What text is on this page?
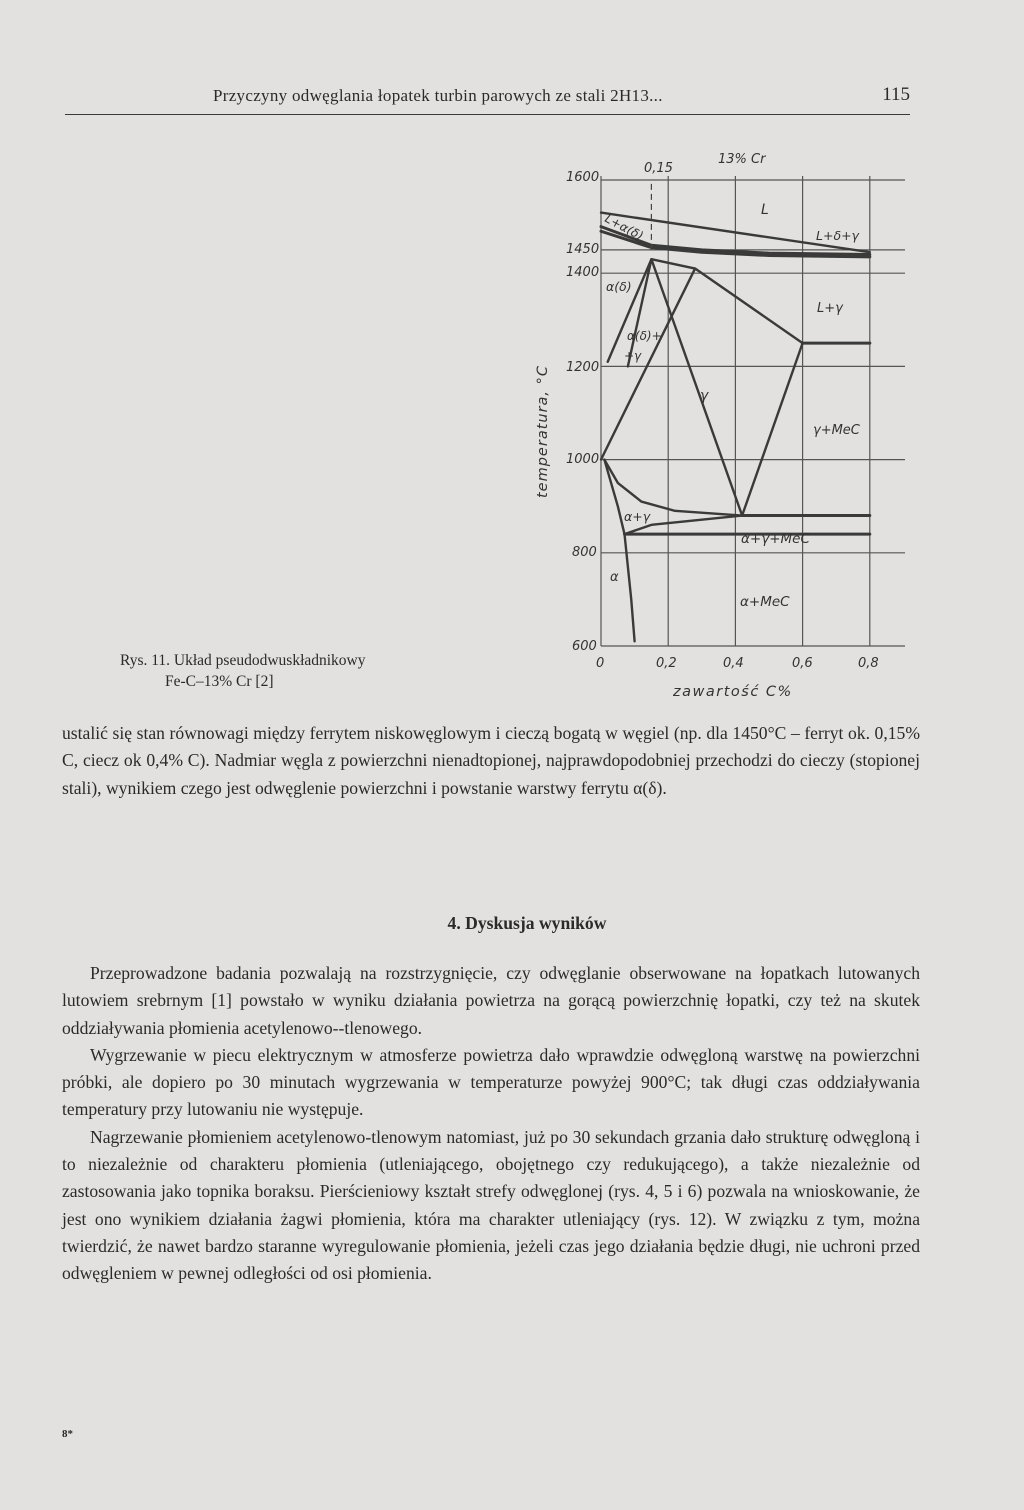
Przyczyny odwęglania łopatek turbin parowych ze stali 2H13...	115
13% Cr
0,15
1600
1450
1400
1200
1000
800
600
0	0,2	0,4	0,6	0,8
zawartość C%
temperatura, °C
L
L+α(δ)	L+δ+γ
α(δ)
L+γ
α(δ)+
+γ
γ
γ+MeC
α+γ
α+γ+MeC
α
α+MeC
Rys. 11. Układ pseudodwuskładnikowy
Fe-C–13% Cr [2]

ustalić się stan równowagi między ferrytem niskowęglowym i cieczą bogatą w węgiel (np. dla 1450°C – ferryt ok. 0,15% C, ciecz ok 0,4% C). Nadmiar węgla z powierzchni nienadtopionej, najprawdopodobniej przechodzi do cieczy (stopionej stali), wynikiem czego jest odwęglenie powierzchni i powstanie warstwy ferrytu α(δ).

4. Dyskusja wyników

Przeprowadzone badania pozwalają na rozstrzygnięcie, czy odwęglanie obserwowane na łopatkach lutowanych lutowiem srebrnym [1] powstało w wyniku działania powietrza na gorącą powierzchnię łopatki, czy też na skutek oddziaływania płomienia acetylenowo--tlenowego.

Wygrzewanie w piecu elektrycznym w atmosferze powietrza dało wprawdzie odwęgloną warstwę na powierzchni próbki, ale dopiero po 30 minutach wygrzewania w temperaturze powyżej 900°C; tak długi czas oddziaływania temperatury przy lutowaniu nie występuje.

Nagrzewanie płomieniem acetylenowo-tlenowym natomiast, już po 30 sekundach grzania dało strukturę odwęgloną i to niezależnie od charakteru płomienia (utleniającego, obojętnego czy redukującego), a także niezależnie od zastosowania jako topnika boraksu. Pierścieniowy kształt strefy odwęglonej (rys. 4, 5 i 6) pozwala na wnioskowanie, że jest ono wynikiem działania żagwi płomienia, która ma charakter utleniający (rys. 12). W związku z tym, można twierdzić, że nawet bardzo staranne wyregulowanie płomienia, jeżeli czas jego działania będzie długi, nie uchroni przed odwęgleniem w pewnej odległości od osi płomienia.

8*
